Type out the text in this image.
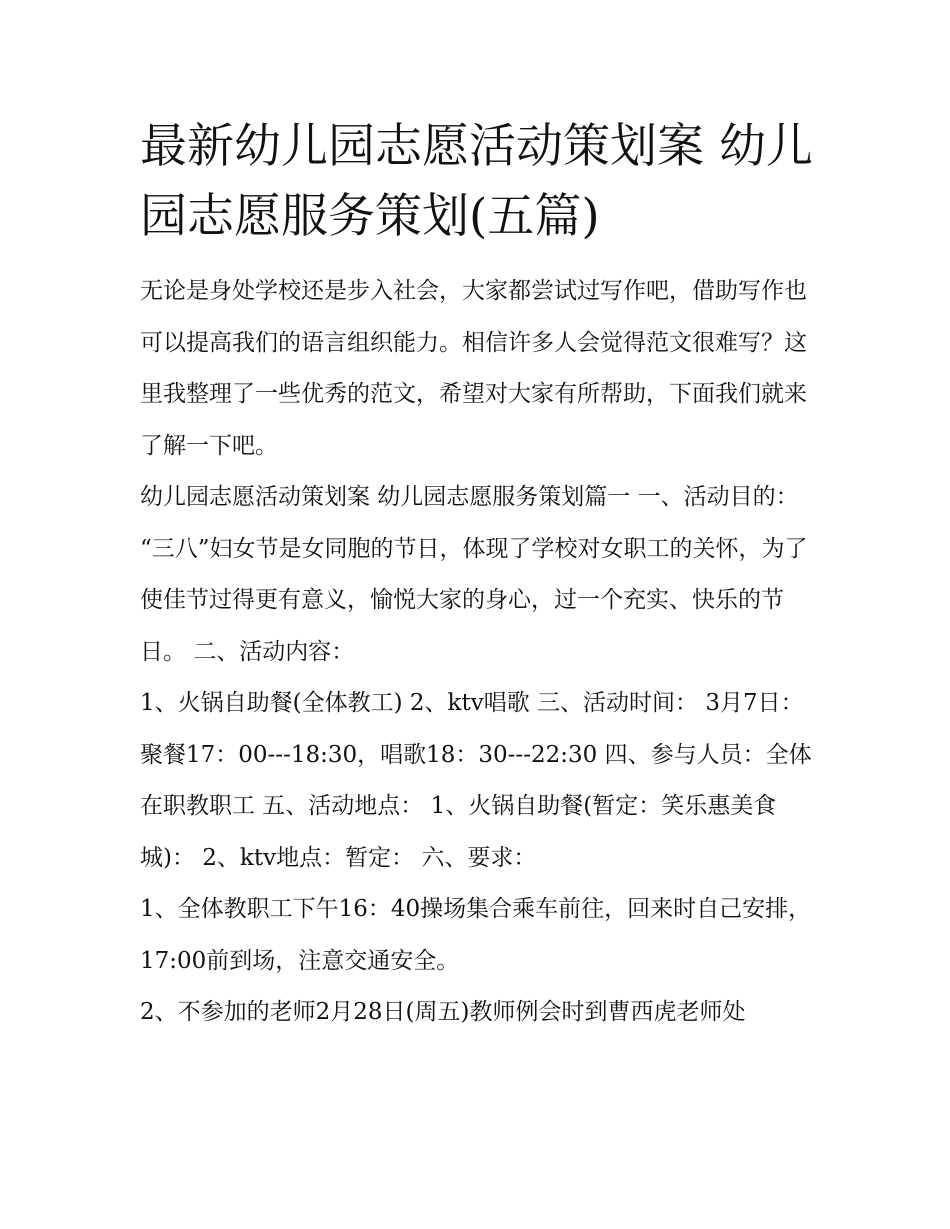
最新幼儿园志愿活动策划案 幼儿园志愿服务策划(五篇)

无论是身处学校还是步入社会，大家都尝试过写作吧，借助写作也可以提高我们的语言组织能力。相信许多人会觉得范文很难写？这里我整理了一些优秀的范文，希望对大家有所帮助，下面我们就来了解一下吧。

幼儿园志愿活动策划案 幼儿园志愿服务策划篇一 一、活动目的：

“三八”妇女节是女同胞的节日，体现了学校对女职工的关怀，为了使佳节过得更有意义，愉悦大家的身心，过一个充实、快乐的节日。 二、活动内容：

1、火锅自助餐(全体教工) 2、ktv唱歌 三、活动时间： 3月7日：聚餐17：00---18:30，唱歌18：30---22:30 四、参与人员：全体在职教职工 五、活动地点： 1、火锅自助餐(暂定：笑乐惠美食城)： 2、ktv地点：暂定： 六、要求：

1、全体教职工下午16：40操场集合乘车前往，回来时自己安排，17:00前到场，注意交通安全。

2、不参加的老师2月28日(周五)教师例会时到曹西虎老师处
